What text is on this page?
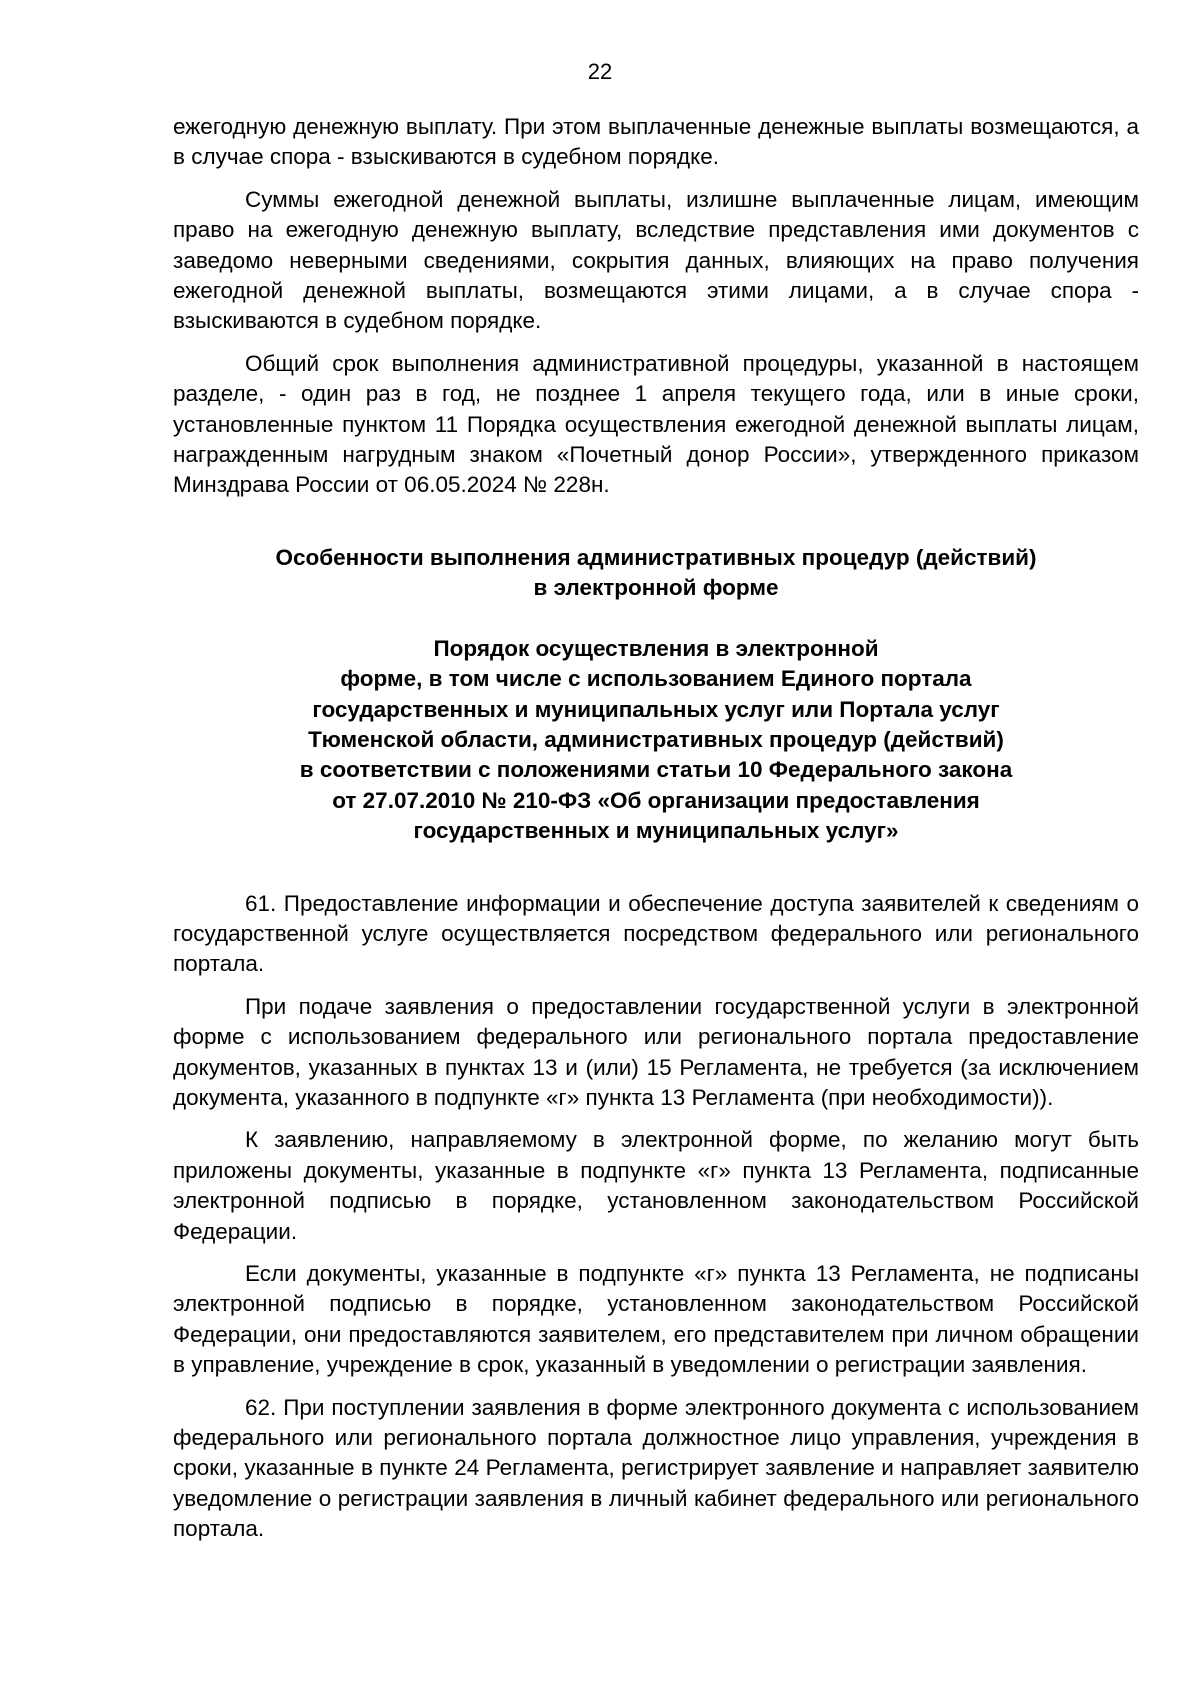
22

ежегодную денежную выплату. При этом выплаченные денежные выплаты возмещаются, а в случае спора - взыскиваются в судебном порядке.

Суммы ежегодной денежной выплаты, излишне выплаченные лицам, имеющим право на ежегодную денежную выплату, вследствие представления ими документов с заведомо неверными сведениями, сокрытия данных, влияющих на право получения ежегодной денежной выплаты, возмещаются этими лицами, а в случае спора - взыскиваются в судебном порядке.

Общий срок выполнения административной процедуры, указанной в настоящем разделе, - один раз в год, не позднее 1 апреля текущего года, или в иные сроки, установленные пунктом 11 Порядка осуществления ежегодной денежной выплаты лицам, награжденным нагрудным знаком «Почетный донор России», утвержденного приказом Минздрава России от 06.05.2024 № 228н.

Особенности выполнения административных процедур (действий)
в электронной форме
Порядок осуществления в электронной
форме, в том числе с использованием Единого портала
государственных и муниципальных услуг или Портала услуг
Тюменской области, административных процедур (действий)
в соответствии с положениями статьи 10 Федерального закона
от 27.07.2010 № 210-ФЗ «Об организации предоставления
государственных и муниципальных услуг»

61. Предоставление информации и обеспечение доступа заявителей к сведениям о государственной услуге осуществляется посредством федерального или регионального портала.

При подаче заявления о предоставлении государственной услуги в электронной форме с использованием федерального или регионального портала предоставление документов, указанных в пунктах 13 и (или) 15 Регламента, не требуется (за исключением документа, указанного в подпункте «г» пункта 13 Регламента (при необходимости)).

К заявлению, направляемому в электронной форме, по желанию могут быть приложены документы, указанные в подпункте «г» пункта 13 Регламента, подписанные электронной подписью в порядке, установленном законодательством Российской Федерации.

Если документы, указанные в подпункте «г» пункта 13 Регламента, не подписаны электронной подписью в порядке, установленном законодательством Российской Федерации, они предоставляются заявителем, его представителем при личном обращении в управление, учреждение в срок, указанный в уведомлении о регистрации заявления.

62. При поступлении заявления в форме электронного документа с использованием федерального или регионального портала должностное лицо управления, учреждения в сроки, указанные в пункте 24 Регламента, регистрирует заявление и направляет заявителю уведомление о регистрации заявления в личный кабинет федерального или регионального портала.
